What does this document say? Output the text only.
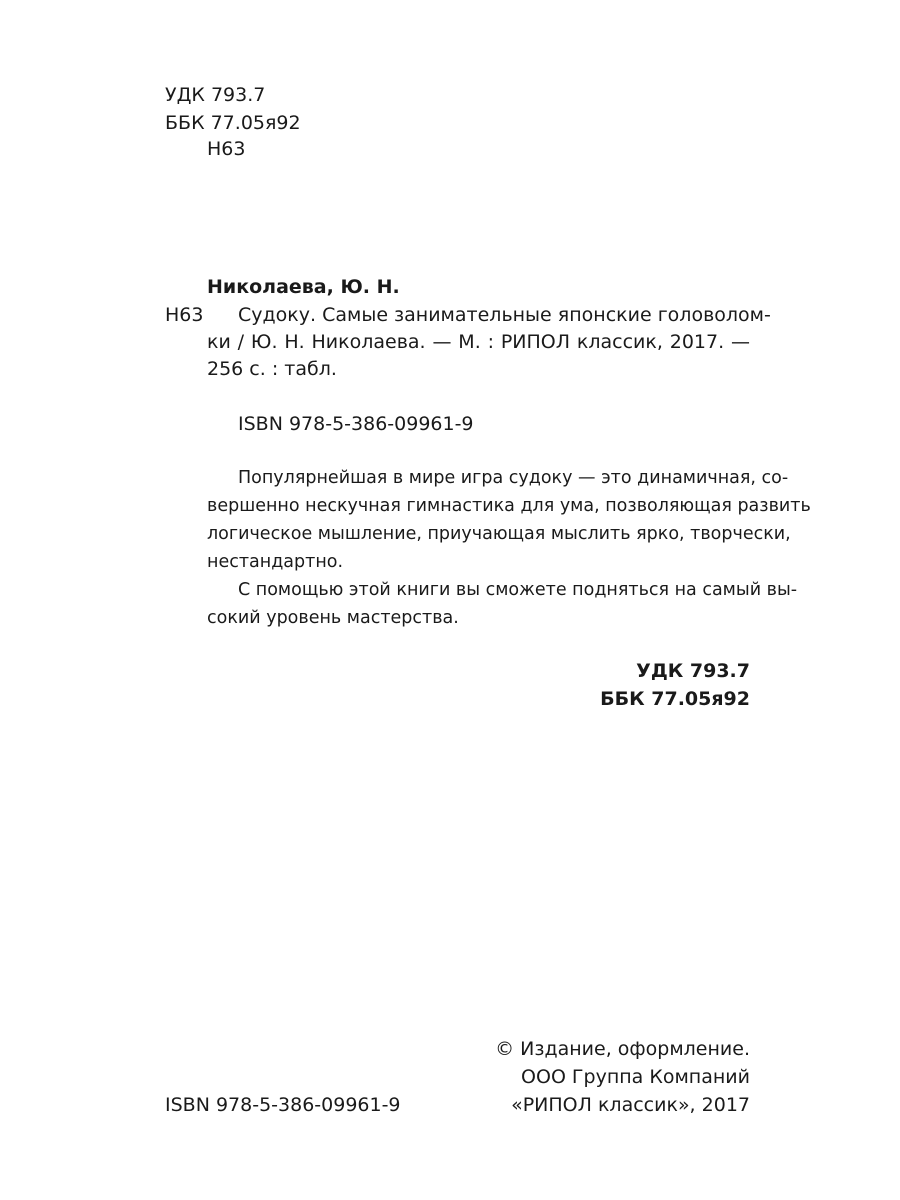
УДК 793.7
ББК 77.05я92
Н63
Николаева, Ю. Н.
Н63 Судоку. Самые занимательные японские головолом-
ки / Ю. Н. Николаева. — М. : РИПОЛ классик, 2017. —
256 с. : табл.
ISBN 978-5-386-09961-9
Популярнейшая в мире игра судоку — это динамичная, со-
вершенно нескучная гимнастика для ума, позволяющая развить
логическое мышление, приучающая мыслить ярко, творчески,
нестандартно.
С помощью этой книги вы сможете подняться на самый вы-
сокий уровень мастерства.
УДК 793.7
ББК 77.05я92
© Издание, оформление.
ООО Группа Компаний
«РИПОЛ классик», 2017
ISBN 978-5-386-09961-9
